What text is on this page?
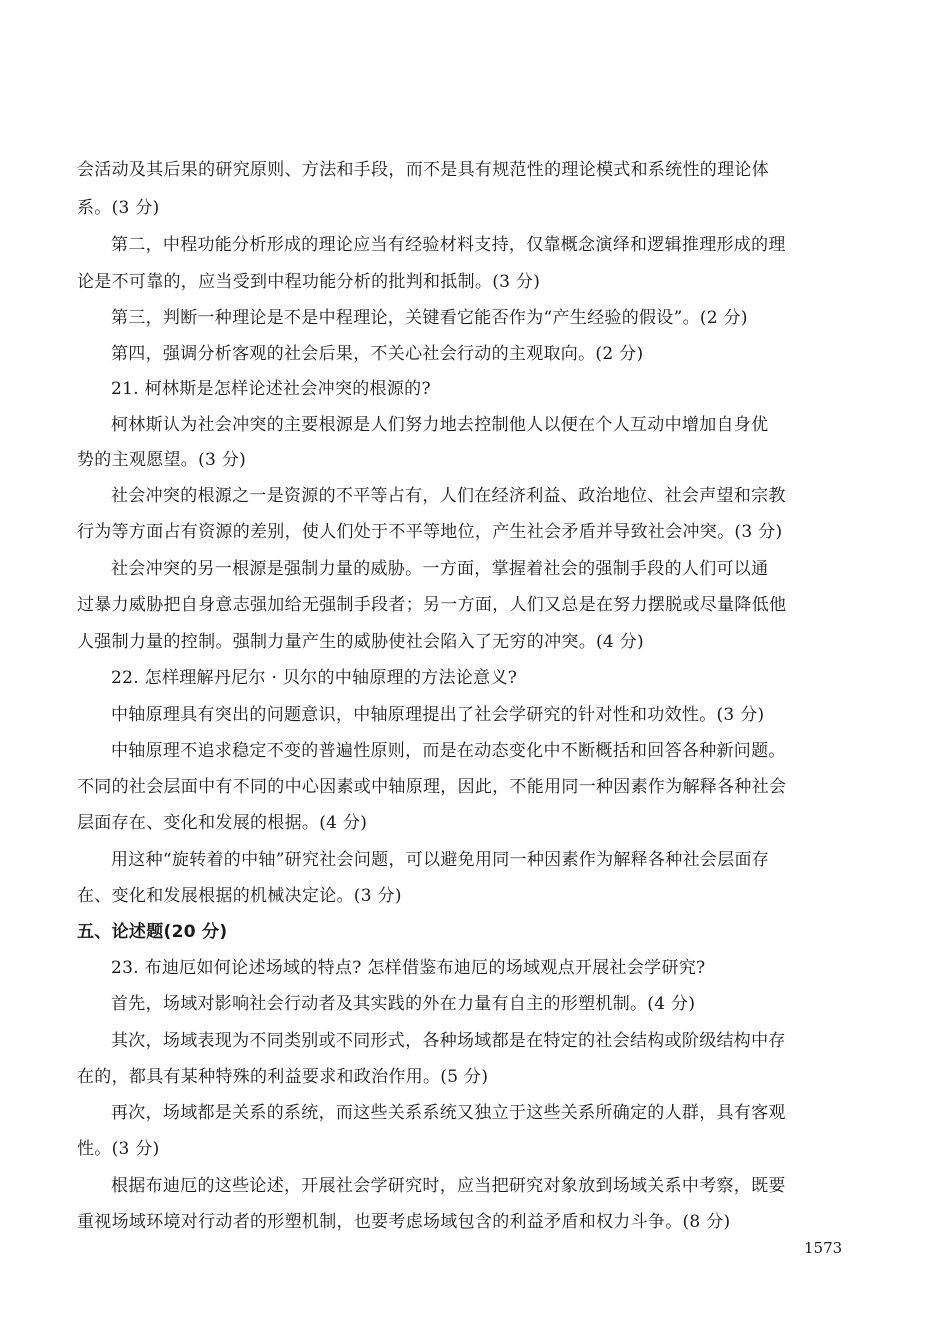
会活动及其后果的研究原则、方法和手段，而不是具有规范性的理论模式和系统性的理论体
系。(3 分)
第二，中程功能分析形成的理论应当有经验材料支持，仅靠概念演绎和逻辑推理形成的理
论是不可靠的，应当受到中程功能分析的批判和抵制。(3 分)
第三，判断一种理论是不是中程理论，关键看它能否作为“产生经验的假设”。(2 分)
第四，强调分析客观的社会后果，不关心社会行动的主观取向。(2 分)
21. 柯林斯是怎样论述社会冲突的根源的?
柯林斯认为社会冲突的主要根源是人们努力地去控制他人以便在个人互动中增加自身优
势的主观愿望。(3 分)
社会冲突的根源之一是资源的不平等占有，人们在经济利益、政治地位、社会声望和宗教
行为等方面占有资源的差别，使人们处于不平等地位，产生社会矛盾并导致社会冲突。(3 分)
社会冲突的另一根源是强制力量的威胁。一方面，掌握着社会的强制手段的人们可以通
过暴力威胁把自身意志强加给无强制手段者；另一方面，人们又总是在努力摆脱或尽量降低他
人强制力量的控制。强制力量产生的威胁使社会陷入了无穷的冲突。(4 分)
22. 怎样理解丹尼尔 · 贝尔的中轴原理的方法论意义?
中轴原理具有突出的问题意识，中轴原理提出了社会学研究的针对性和功效性。(3 分)
中轴原理不追求稳定不变的普遍性原则，而是在动态变化中不断概括和回答各种新问题。
不同的社会层面中有不同的中心因素或中轴原理，因此，不能用同一种因素作为解释各种社会
层面存在、变化和发展的根据。(4 分)
用这种“旋转着的中轴”研究社会问题，可以避免用同一种因素作为解释各种社会层面存
在、变化和发展根据的机械决定论。(3 分)
五、论述题(20 分)
23. 布迪厄如何论述场域的特点? 怎样借鉴布迪厄的场域观点开展社会学研究?
首先，场域对影响社会行动者及其实践的外在力量有自主的形塑机制。(4 分)
其次，场域表现为不同类别或不同形式，各种场域都是在特定的社会结构或阶级结构中存
在的，都具有某种特殊的利益要求和政治作用。(5 分)
再次，场域都是关系的系统，而这些关系系统又独立于这些关系所确定的人群，具有客观
性。(3 分)
根据布迪厄的这些论述，开展社会学研究时，应当把研究对象放到场域关系中考察，既要
重视场域环境对行动者的形塑机制，也要考虑场域包含的利益矛盾和权力斗争。(8 分)
1573
